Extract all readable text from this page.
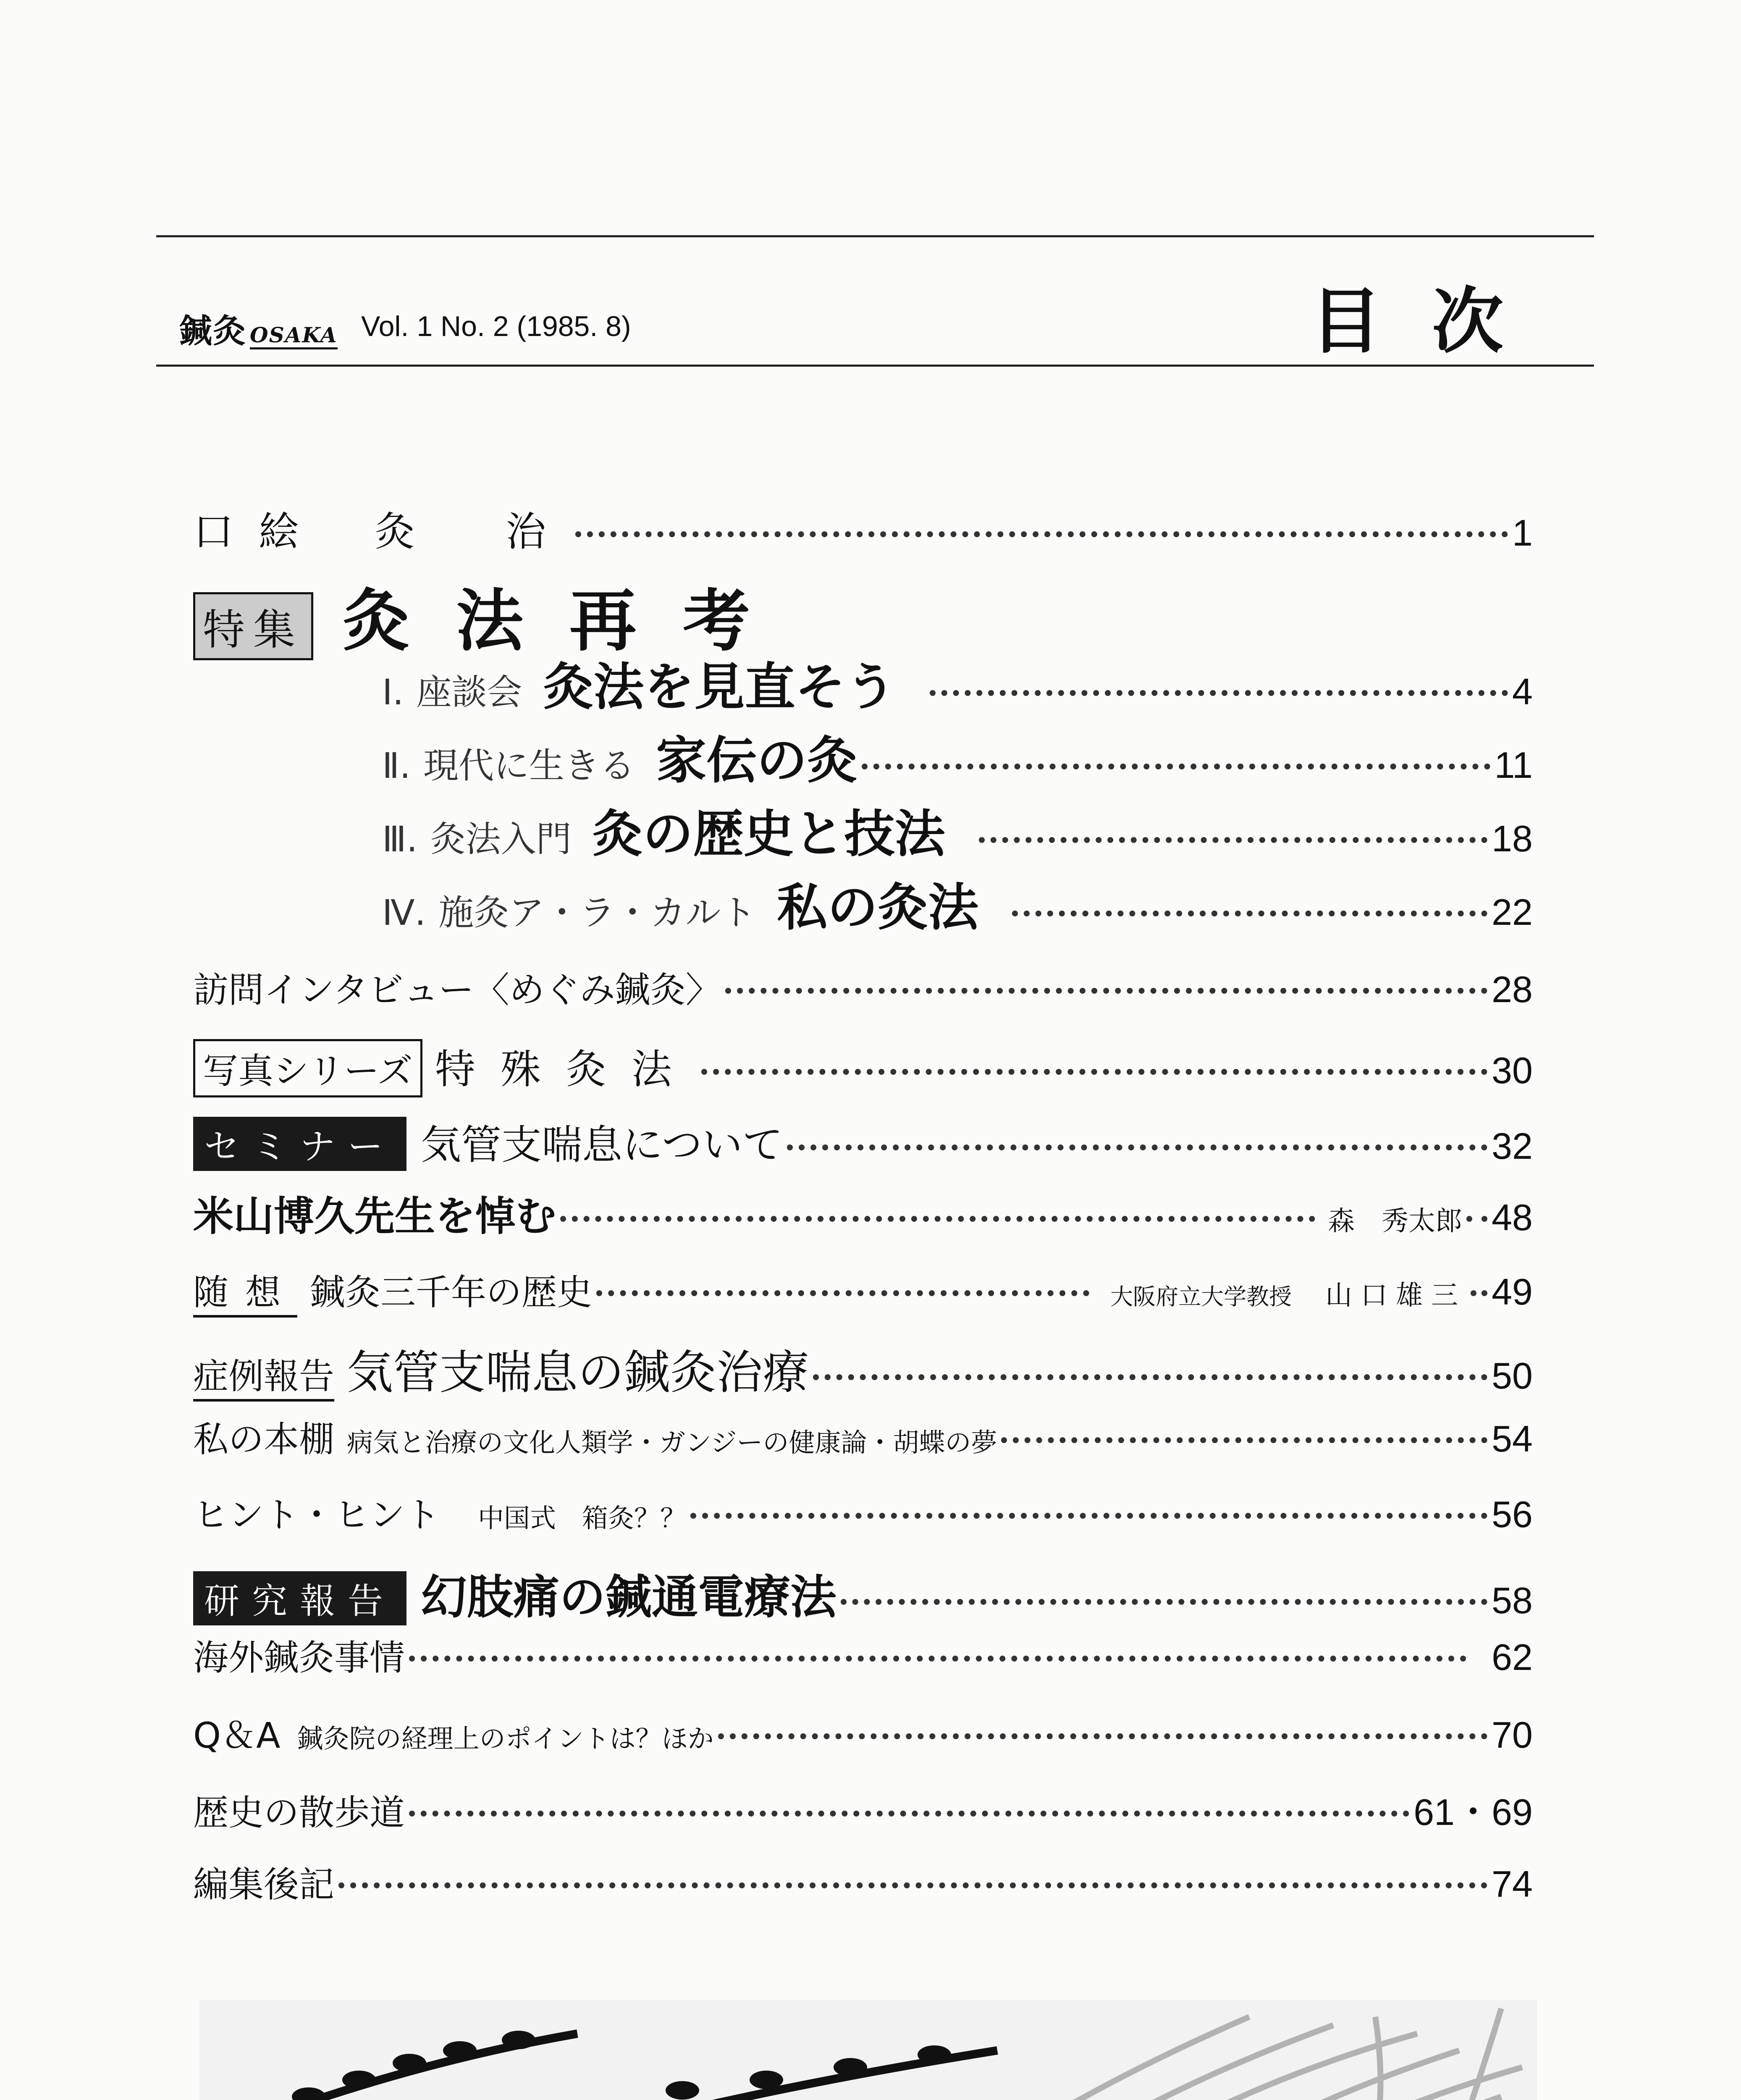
鍼灸 OSAKA Vol. 1 No. 2 (1985. 8)	目次
口絵 灸　治	1
特集 灸法再考
Ⅰ. 座談会 灸法を見直そう	4
Ⅱ. 現代に生きる 家伝の灸	11
Ⅲ. 灸法入門 灸の歴史と技法	18
Ⅳ. 施灸ア・ラ・カルト 私の灸法	22
訪問インタビュー〈めぐみ鍼灸〉	28
写真シリーズ 特殊灸法	30
セミナー 気管支喘息について	32
米山博久先生を悼む	森　秀太郎 48
随想 鍼灸三千年の歴史	大阪府立大学教授 山口雄三 49
症例報告 気管支喘息の鍼灸治療	50
私の本棚 病気と治療の文化人類学・ガンジーの健康論・胡蝶の夢	54
ヒント・ヒント 中国式　箱灸？？	56
研究報告 幻肢痛の鍼通電療法	58
海外鍼灸事情	62
Q＆A 鍼灸院の経理上のポイントは？ほか	70
歴史の散歩道	61・69
編集後記	74
